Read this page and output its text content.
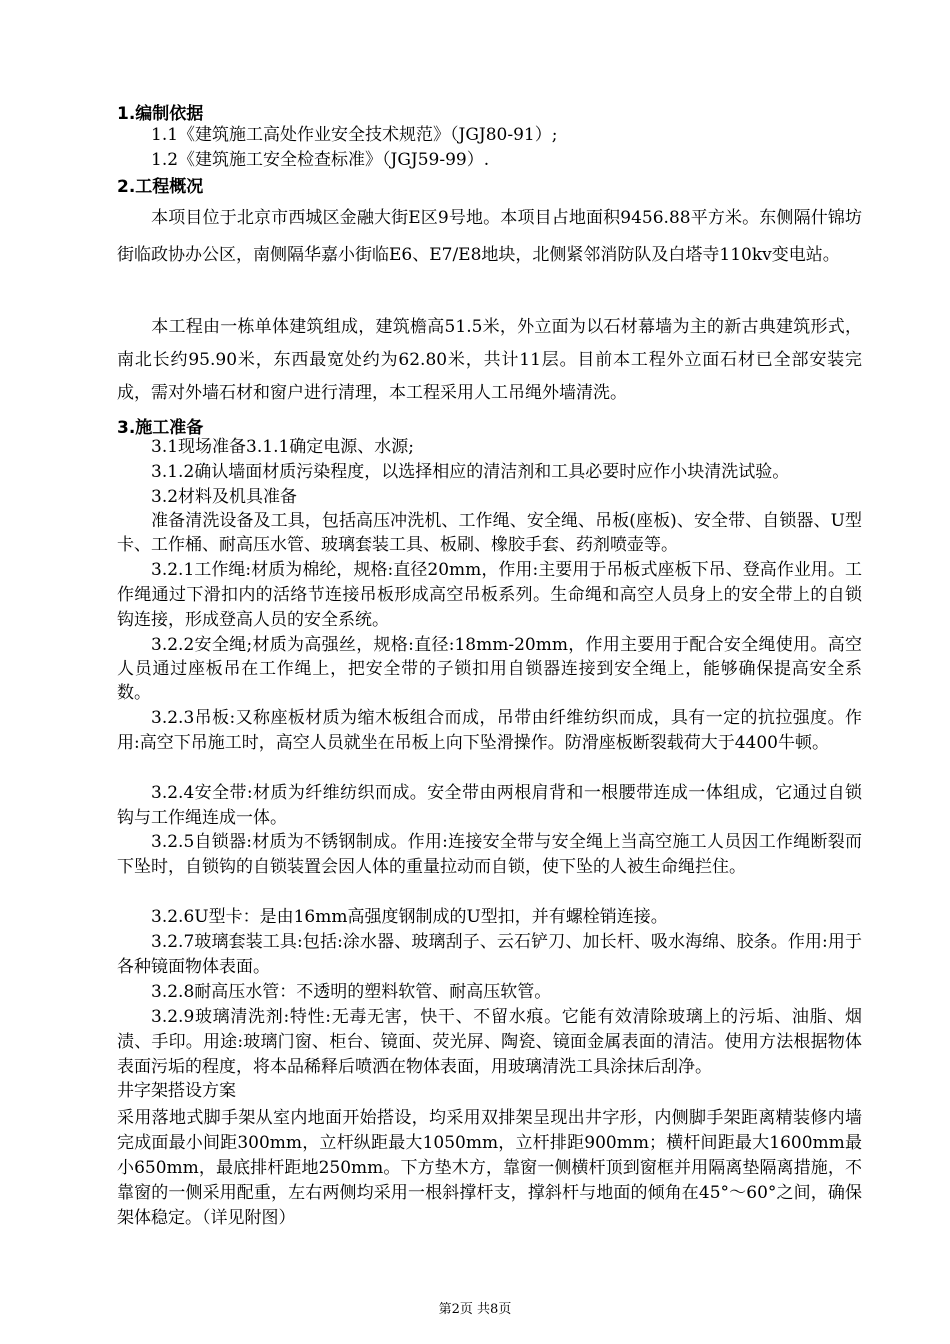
1.编制依据
1.1《建筑施工高处作业安全技术规范》（JGJ80-91）;
1.2《建筑施工安全检查标准》（JGJ59-99）.
2.工程概况
本项目位于北京市西城区金融大街E区9号地。本项目占地面积9456.88平方米。东侧隔什锦坊街临政协办公区，南侧隔华嘉小街临E6、E7/E8地块，北侧紧邻消防队及白塔寺110kv变电站。
本工程由一栋单体建筑组成，建筑檐高51.5米，外立面为以石材幕墙为主的新古典建筑形式，南北长约95.90米，东西最宽处约为62.80米，共计11层。目前本工程外立面石材已全部安装完成，需对外墙石材和窗户进行清理，本工程采用人工吊绳外墙清洗。
3.施工准备
3.1现场准备3.1.1确定电源、水源;
3.1.2确认墙面材质污染程度，以选择相应的清洁剂和工具必要时应作小块清洗试验。
3.2材料及机具准备
准备清洗设备及工具，包括高压冲洗机、工作绳、安全绳、吊板(座板)、安全带、自锁器、U型卡、工作桶、耐高压水管、玻璃套装工具、板刷、橡胶手套、药剂喷壶等。
3.2.1工作绳:材质为棉纶，规格:直径20mm，作用:主要用于吊板式座板下吊、登高作业用。工作绳通过下滑扣内的活络节连接吊板形成高空吊板系列。生命绳和高空人员身上的安全带上的自锁钩连接，形成登高人员的安全系统。
3.2.2安全绳;材质为高强丝，规格:直径:18mm-20mm，作用主要用于配合安全绳使用。高空人员通过座板吊在工作绳上，把安全带的子锁扣用自锁器连接到安全绳上，能够确保提高安全系数。
3.2.3吊板:又称座板材质为缩木板组合而成，吊带由纤维纺织而成，具有一定的抗拉强度。作用:高空下吊施工时，高空人员就坐在吊板上向下坠滑操作。防滑座板断裂载荷大于4400牛顿。
3.2.4安全带:材质为纤维纺织而成。安全带由两根肩背和一根腰带连成一体组成，它通过自锁钩与工作绳连成一体。
3.2.5自锁器:材质为不锈钢制成。作用:连接安全带与安全绳上当高空施工人员因工作绳断裂而下坠时，自锁钩的自锁装置会因人体的重量拉动而自锁，使下坠的人被生命绳拦住。
3.2.6U型卡：是由16mm高强度钢制成的U型扣，并有螺栓销连接。
3.2.7玻璃套装工具:包括:涂水器、玻璃刮子、云石铲刀、加长杆、吸水海绵、胶条。作用:用于各种镜面物体表面。
3.2.8耐高压水管：不透明的塑料软管、耐高压软管。
3.2.9玻璃清洗剂:特性:无毒无害，快干、不留水痕。它能有效清除玻璃上的污垢、油脂、烟渍、手印。用途:玻璃门窗、柜台、镜面、荧光屏、陶瓷、镜面金属表面的清洁。使用方法根据物体表面污垢的程度，将本品稀释后喷洒在物体表面，用玻璃清洗工具涂抹后刮净。
井字架搭设方案
采用落地式脚手架从室内地面开始搭设，均采用双排架呈现出井字形，内侧脚手架距离精装修内墙完成面最小间距300mm，立杆纵距最大1050mm，立杆排距900mm；横杆间距最大1600mm最小650mm，最底排杆距地250mm。下方垫木方，靠窗一侧横杆顶到窗框并用隔离垫隔离措施，不靠窗的一侧采用配重，左右两侧均采用一根斜撑杆支，撑斜杆与地面的倾角在45°～60°之间，确保架体稳定。（详见附图）
第2页 共8页
